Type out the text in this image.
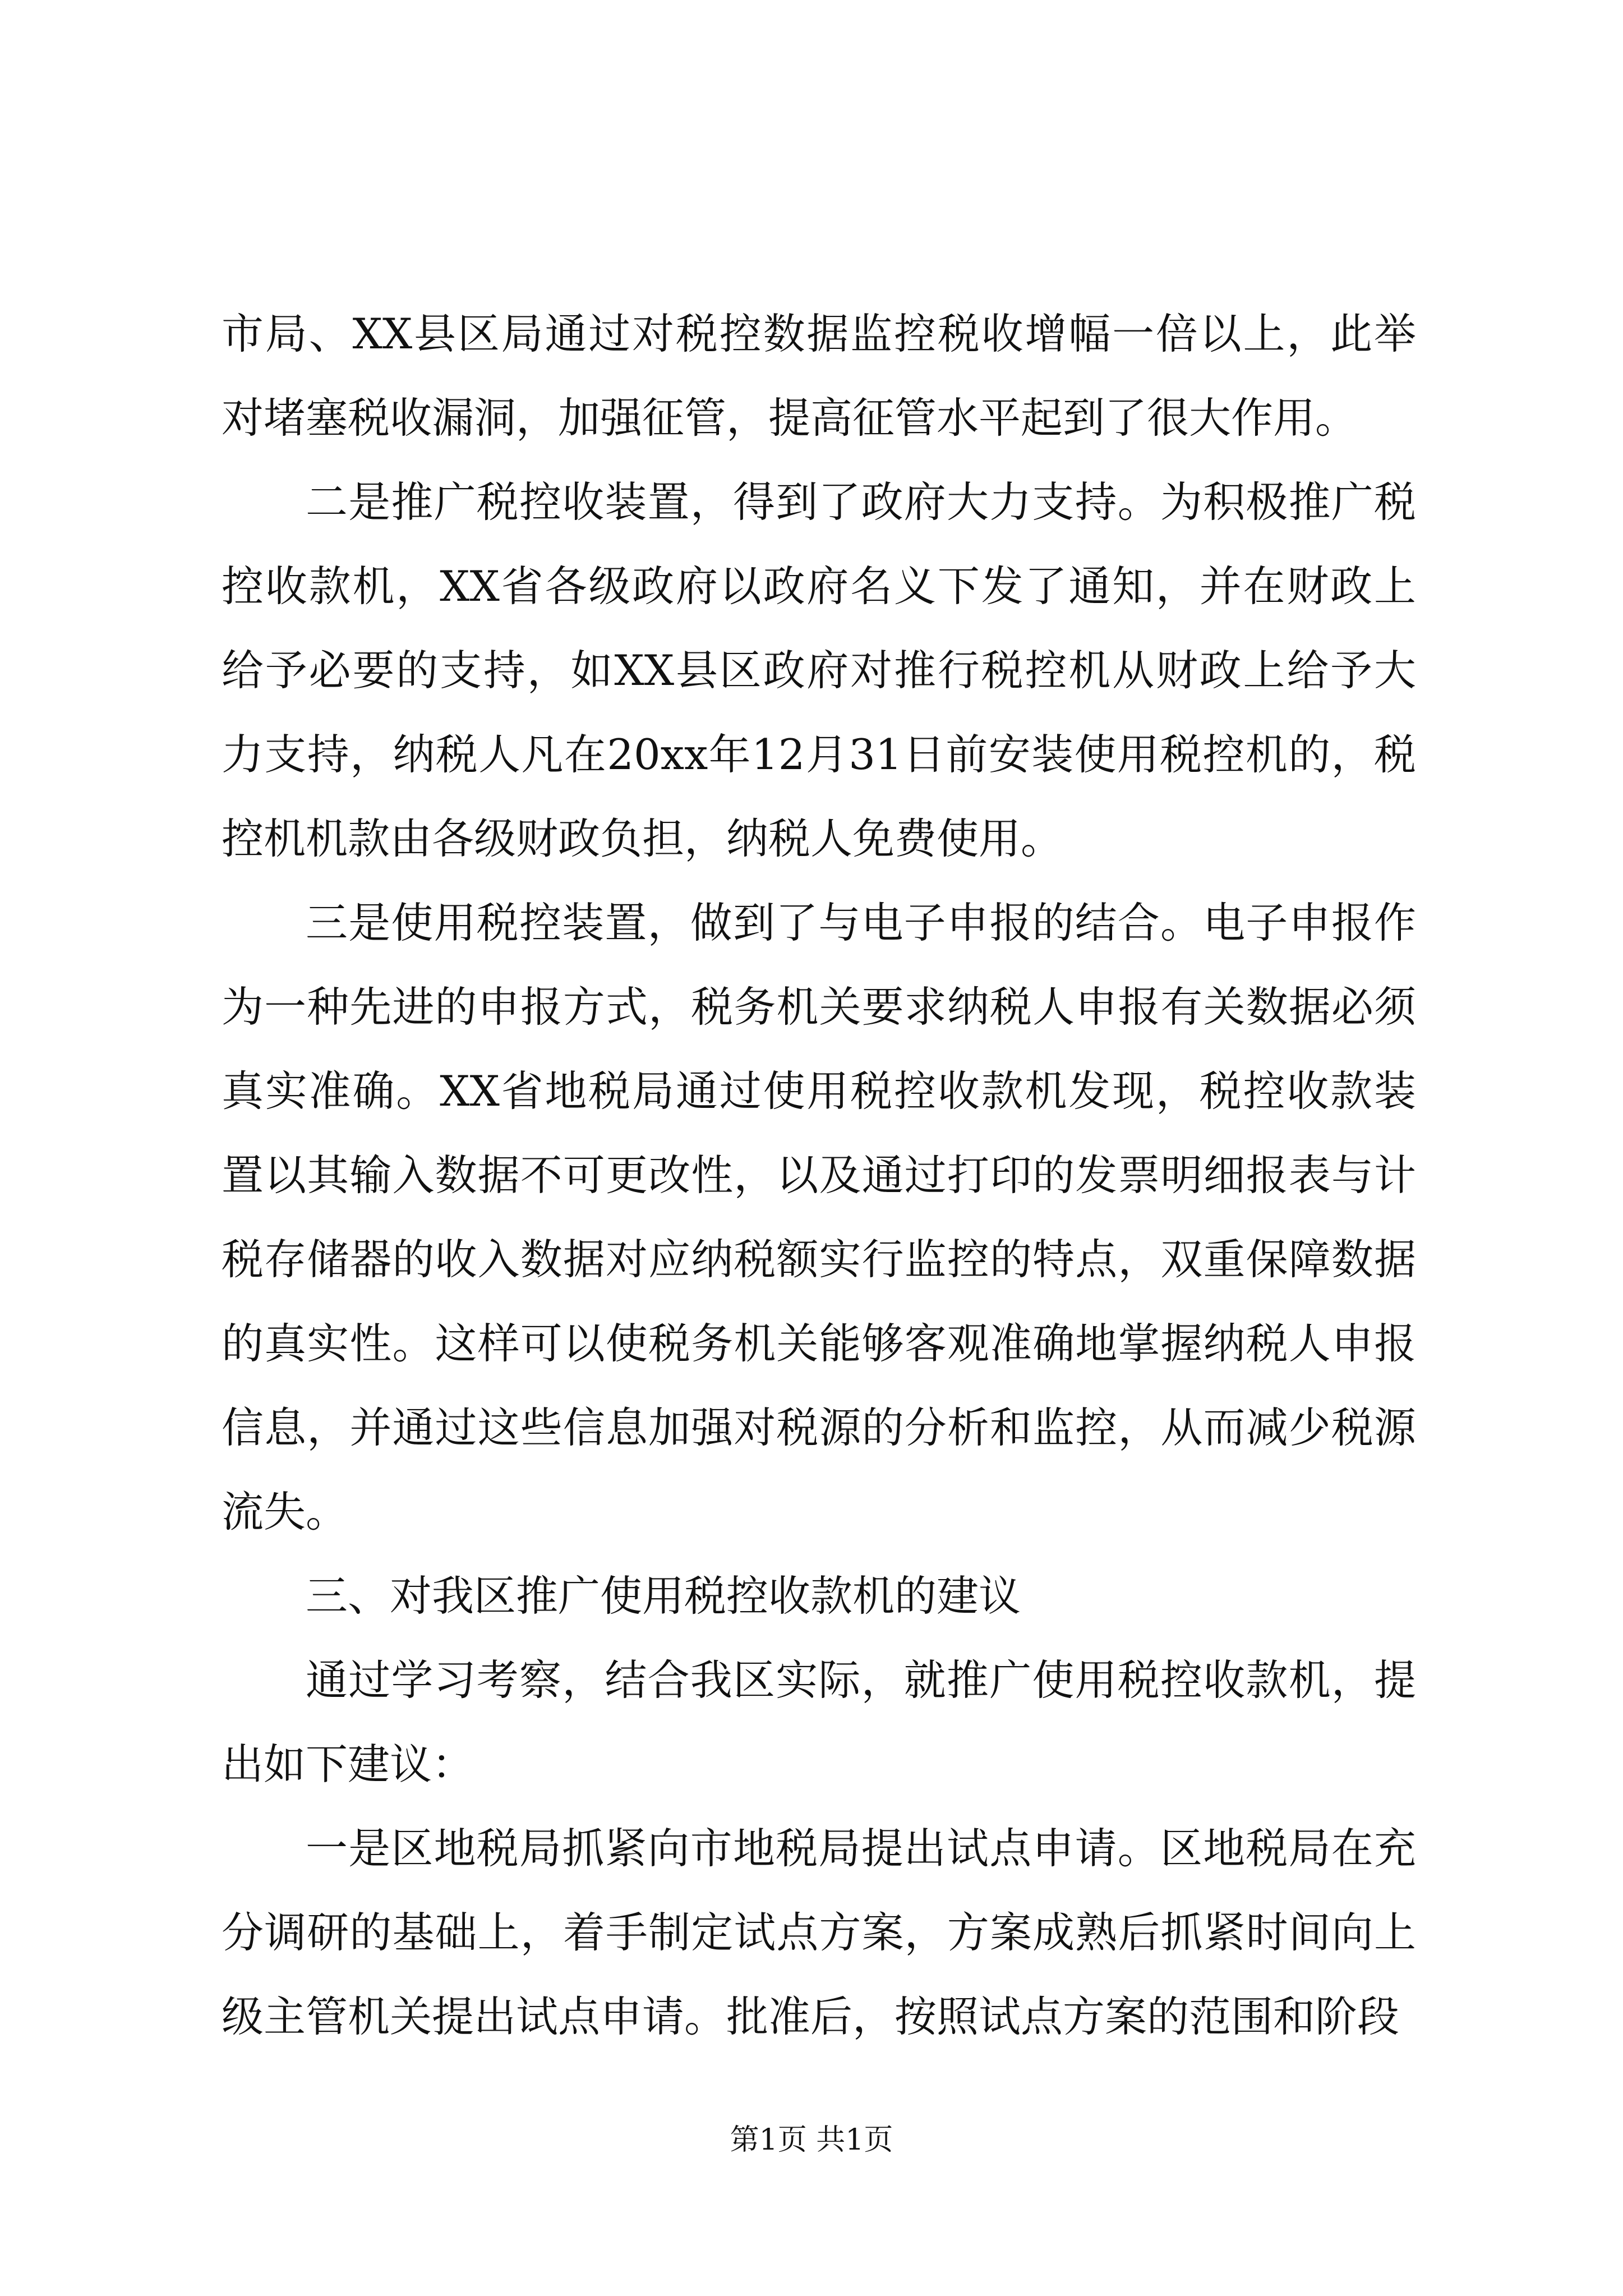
市局、XX县区局通过对税控数据监控税收增幅一倍以上，此举对堵塞税收漏洞，加强征管，提高征管水平起到了很大作用。

二是推广税控收装置，得到了政府大力支持。为积极推广税控收款机，XX省各级政府以政府名义下发了通知，并在财政上给予必要的支持，如XX县区政府对推行税控机从财政上给予大力支持，纳税人凡在20xx年12月31日前安装使用税控机的，税控机机款由各级财政负担，纳税人免费使用。

三是使用税控装置，做到了与电子申报的结合。电子申报作为一种先进的申报方式，税务机关要求纳税人申报有关数据必须真实准确。XX省地税局通过使用税控收款机发现，税控收款装置以其输入数据不可更改性，以及通过打印的发票明细报表与计税存储器的收入数据对应纳税额实行监控的特点，双重保障数据的真实性。这样可以使税务机关能够客观准确地掌握纳税人申报信息，并通过这些信息加强对税源的分析和监控，从而减少税源流失。

三、对我区推广使用税控收款机的建议

通过学习考察，结合我区实际，就推广使用税控收款机，提出如下建议：

一是区地税局抓紧向市地税局提出试点申请。区地税局在充分调研的基础上，着手制定试点方案，方案成熟后抓紧时间向上级主管机关提出试点申请。批准后，按照试点方案的范围和阶段

第1页 共1页
